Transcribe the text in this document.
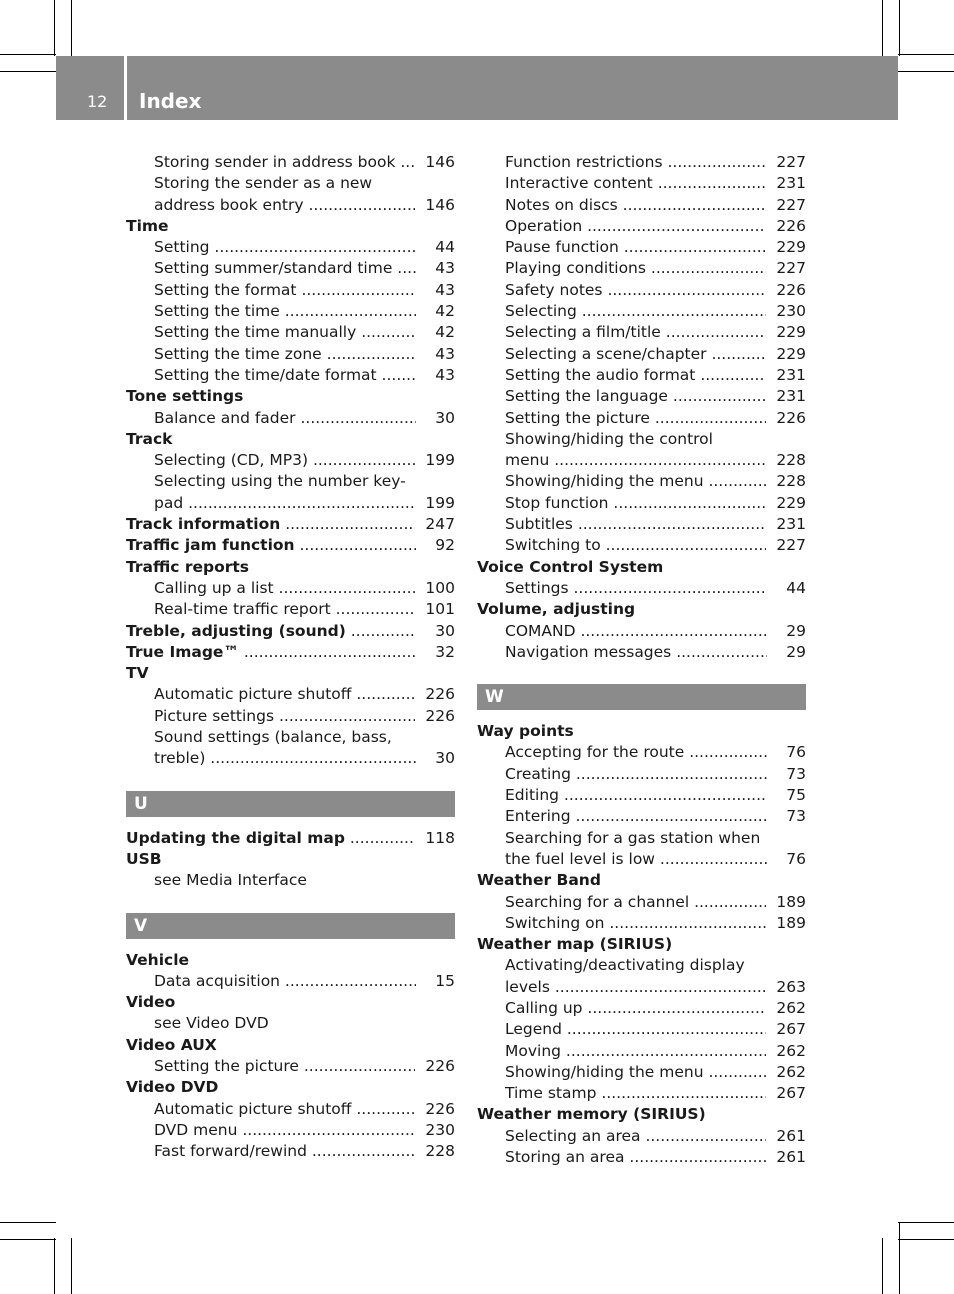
12 Index
Storing sender in address book .....	146
Storing the sender as a new
address book entry .....	146
Time
Setting .....	44
Setting summer/standard time .....	43
Setting the format .....	43
Setting the time .....	42
Setting the time manually .....	42
Setting the time zone .....	43
Setting the time/date format .....	43
Tone settings
Balance and fader .....	30
Track
Selecting (CD, MP3) .....	199
Selecting using the number key-
pad .....	199
Track information .....	247
Traffic jam function .....	92
Traffic reports
Calling up a list .....	100
Real-time traffic report .....	101
Treble, adjusting (sound) .....	30
True Image™ .....	32
TV
Automatic picture shutoff .....	226
Picture settings .....	226
Sound settings (balance, bass,
treble) .....	30
U
Updating the digital map .....	118
USB
see Media Interface
V
Vehicle
Data acquisition .....	15
Video
see Video DVD
Video AUX
Setting the picture .....	226
Video DVD
Automatic picture shutoff .....	226
DVD menu .....	230
Fast forward/rewind .....	228
Function restrictions .....	227
Interactive content .....	231
Notes on discs .....	227
Operation .....	226
Pause function .....	229
Playing conditions .....	227
Safety notes .....	226
Selecting .....	230
Selecting a film/title .....	229
Selecting a scene/chapter .....	229
Setting the audio format .....	231
Setting the language .....	231
Setting the picture .....	226
Showing/hiding the control
menu .....	228
Showing/hiding the menu .....	228
Stop function .....	229
Subtitles .....	231
Switching to .....	227
Voice Control System
Settings .....	44
Volume, adjusting
COMAND .....	29
Navigation messages .....	29
W
Way points
Accepting for the route .....	76
Creating .....	73
Editing .....	75
Entering .....	73
Searching for a gas station when
the fuel level is low .....	76
Weather Band
Searching for a channel .....	189
Switching on .....	189
Weather map (SIRIUS)
Activating/deactivating display
levels .....	263
Calling up .....	262
Legend .....	267
Moving .....	262
Showing/hiding the menu .....	262
Time stamp .....	267
Weather memory (SIRIUS)
Selecting an area .....	261
Storing an area .....	261
